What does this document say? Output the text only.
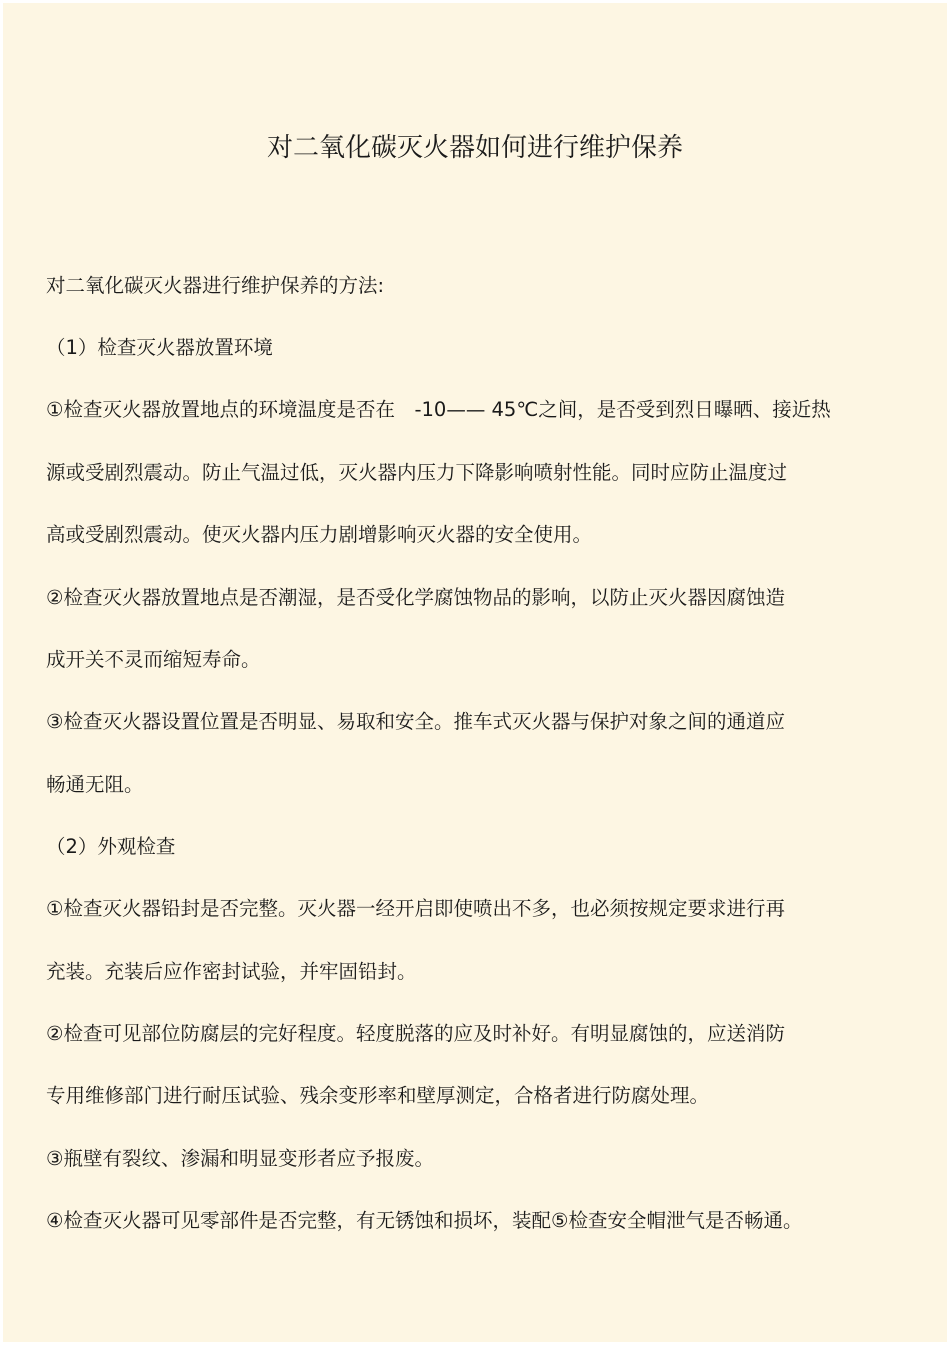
对二氧化碳灭火器如何进行维护保养
对二氧化碳灭火器进行维护保养的方法:
（1）检查灭火器放置环境
①检查灭火器放置地点的环境温度是否在　-10—— 45℃之间，是否受到烈日曝晒、接近热
源或受剧烈震动。防止气温过低，灭火器内压力下降影响喷射性能。同时应防止温度过
高或受剧烈震动。使灭火器内压力剧增影响灭火器的安全使用。
②检查灭火器放置地点是否潮湿，是否受化学腐蚀物品的影响，以防止灭火器因腐蚀造
成开关不灵而缩短寿命。
③检查灭火器设置位置是否明显、易取和安全。推车式灭火器与保护对象之间的通道应
畅通无阻。
（2）外观检查
①检查灭火器铅封是否完整。灭火器一经开启即使喷出不多，也必须按规定要求进行再
充装。充装后应作密封试验，并牢固铅封。
②检查可见部位防腐层的完好程度。轻度脱落的应及时补好。有明显腐蚀的，应送消防
专用维修部门进行耐压试验、残余变形率和壁厚测定，合格者进行防腐处理。
③瓶壁有裂纹、渗漏和明显变形者应予报废。
④检查灭火器可见零部件是否完整，有无锈蚀和损坏，装配⑤检查安全帽泄气是否畅通。
